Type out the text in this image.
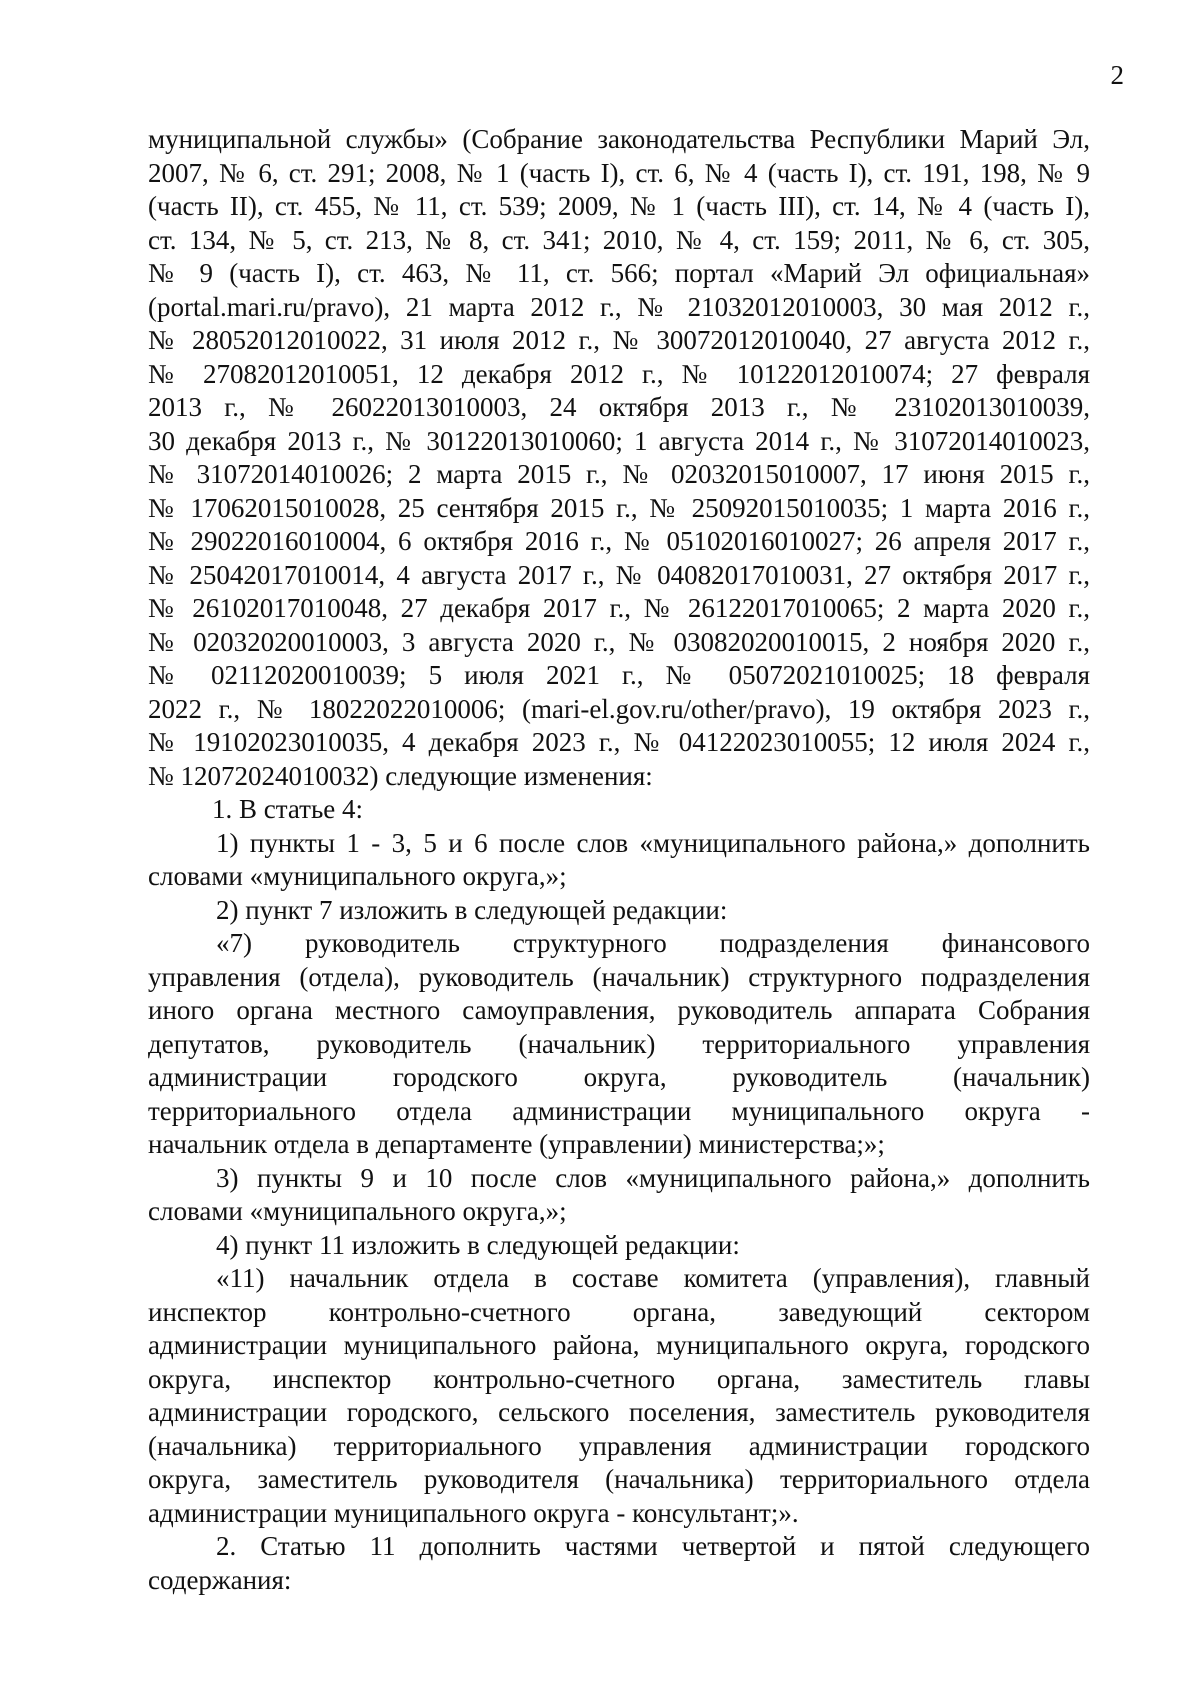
2
муниципальной службы» (Собрание законодательства Республики Марий Эл,
2007, № 6, ст. 291; 2008, № 1 (часть I), ст. 6, № 4 (часть I), ст. 191, 198, № 9
(часть II), ст. 455, № 11, ст. 539; 2009, № 1 (часть III), ст. 14, № 4 (часть I),
ст. 134, № 5, ст. 213, № 8, ст. 341; 2010, № 4, ст. 159; 2011, № 6, ст. 305,
№ 9 (часть I), ст. 463, № 11, ст. 566; портал «Марий Эл официальная»
(portal.mari.ru/pravo), 21 марта 2012 г., № 21032012010003, 30 мая 2012 г.,
№ 28052012010022, 31 июля 2012 г., № 30072012010040, 27 августа 2012 г.,
№ 27082012010051, 12 декабря 2012 г., № 10122012010074; 27 февраля
2013 г., № 26022013010003, 24 октября 2013 г., № 23102013010039,
30 декабря 2013 г., № 30122013010060; 1 августа 2014 г., № 31072014010023,
№ 31072014010026; 2 марта 2015 г., № 02032015010007, 17 июня 2015 г.,
№ 17062015010028, 25 сентября 2015 г., № 25092015010035; 1 марта 2016 г.,
№ 29022016010004, 6 октября 2016 г., № 05102016010027; 26 апреля 2017 г.,
№ 25042017010014, 4 августа 2017 г., № 04082017010031, 27 октября 2017 г.,
№ 26102017010048, 27 декабря 2017 г., № 26122017010065; 2 марта 2020 г.,
№ 02032020010003, 3 августа 2020 г., № 03082020010015, 2 ноября 2020 г.,
№ 02112020010039; 5 июля 2021 г., № 05072021010025; 18 февраля
2022 г., № 18022022010006; (mari-el.gov.ru/other/pravo), 19 октября 2023 г.,
№ 19102023010035, 4 декабря 2023 г., № 04122023010055; 12 июля 2024 г.,
№ 12072024010032) следующие изменения:
1. В статье 4:
1) пункты 1 - 3, 5 и 6 после слов «муниципального района,» дополнить
словами «муниципального округа,»;
2) пункт 7 изложить в следующей редакции:
«7) руководитель структурного подразделения финансового
управления (отдела), руководитель (начальник) структурного подразделения
иного органа местного самоуправления, руководитель аппарата Собрания
депутатов, руководитель (начальник) территориального управления
администрации городского округа, руководитель (начальник)
территориального отдела администрации муниципального округа -
начальник отдела в департаменте (управлении) министерства;»;
3) пункты 9 и 10 после слов «муниципального района,» дополнить
словами «муниципального округа,»;
4) пункт 11 изложить в следующей редакции:
«11) начальник отдела в составе комитета (управления), главный
инспектор контрольно-счетного органа, заведующий сектором
администрации муниципального района, муниципального округа, городского
округа, инспектор контрольно-счетного органа, заместитель главы
администрации городского, сельского поселения, заместитель руководителя
(начальника) территориального управления администрации городского
округа, заместитель руководителя (начальника) территориального отдела
администрации муниципального округа - консультант;».
2. Статью 11 дополнить частями четвертой и пятой следующего
содержания:
